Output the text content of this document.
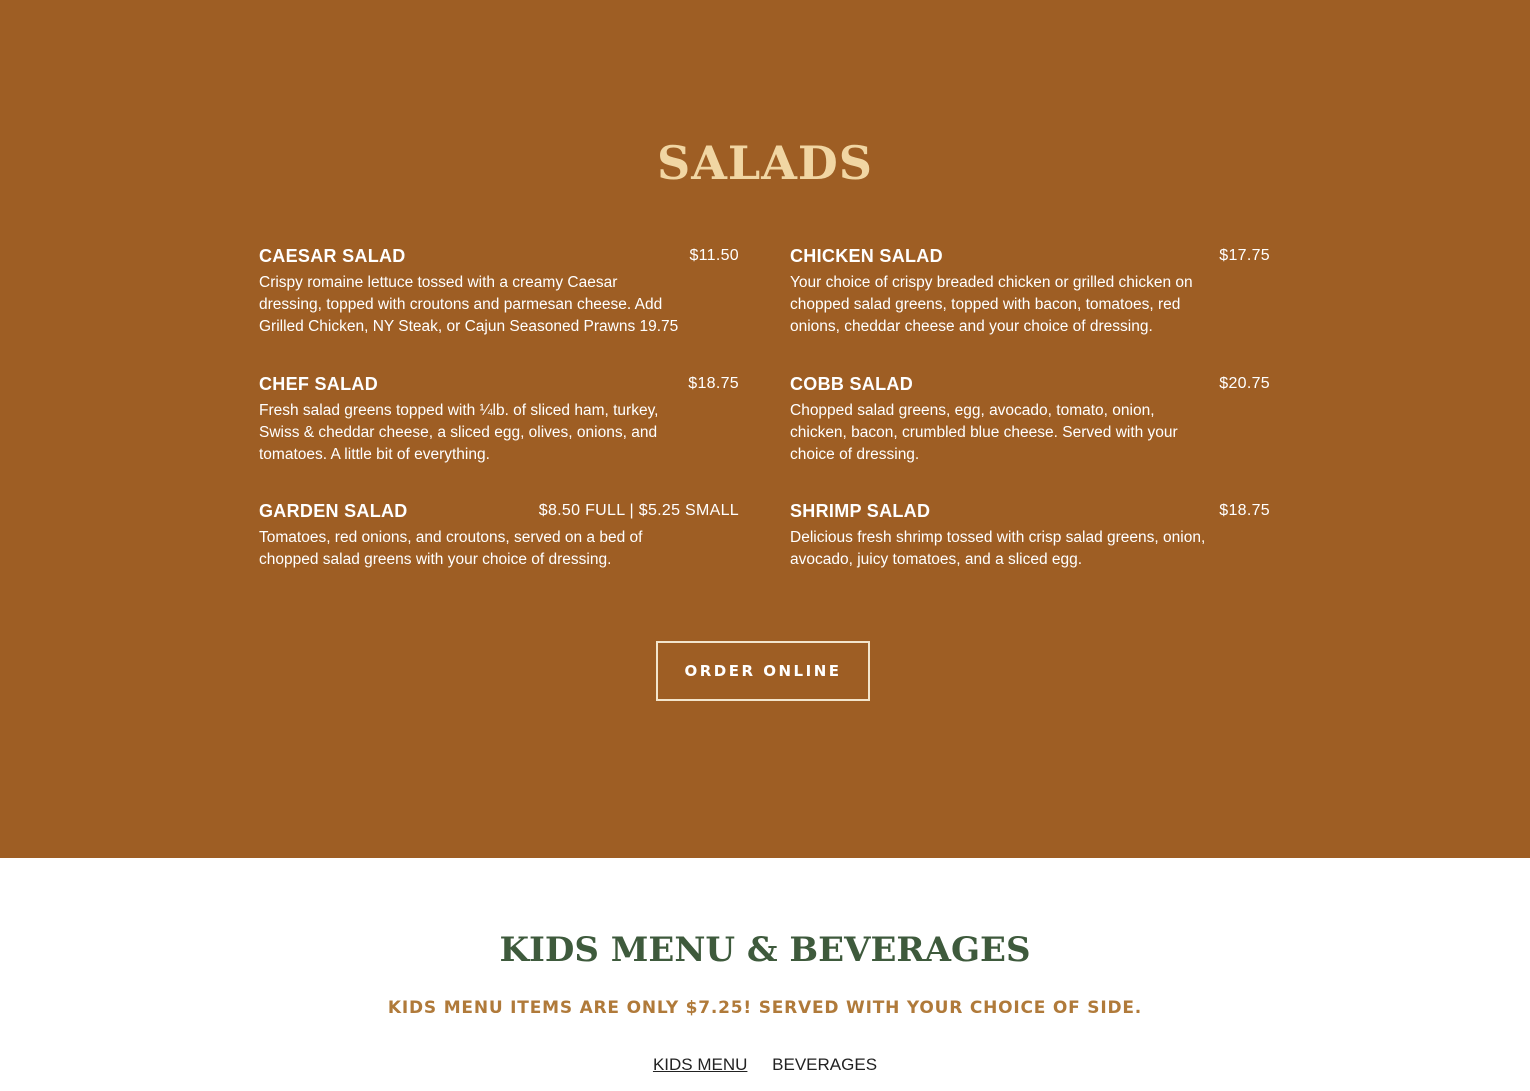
SALADS
CAESAR SALAD	$11.50
Crispy romaine lettuce tossed with a creamy Caesar dressing, topped with croutons and parmesan cheese. Add Grilled Chicken, NY Steak, or Cajun Seasoned Prawns 19.75
CHICKEN SALAD	$17.75
Your choice of crispy breaded chicken or grilled chicken on chopped salad greens, topped with bacon, tomatoes, red onions, cheddar cheese and your choice of dressing.
CHEF SALAD	$18.75
Fresh salad greens topped with ¼lb. of sliced ham, turkey, Swiss & cheddar cheese, a sliced egg, olives, onions, and tomatoes. A little bit of everything.
COBB SALAD	$20.75
Chopped salad greens, egg, avocado, tomato, onion, chicken, bacon, crumbled blue cheese. Served with your choice of dressing.
GARDEN SALAD	$8.50 FULL | $5.25 SMALL
Tomatoes, red onions, and croutons, served on a bed of chopped salad greens with your choice of dressing.
SHRIMP SALAD	$18.75
Delicious fresh shrimp tossed with crisp salad greens, onion, avocado, juicy tomatoes, and a sliced egg.
ORDER ONLINE
KIDS MENU & BEVERAGES
KIDS MENU ITEMS ARE ONLY $7.25! SERVED WITH YOUR CHOICE OF SIDE.
KIDS MENU BEVERAGES
